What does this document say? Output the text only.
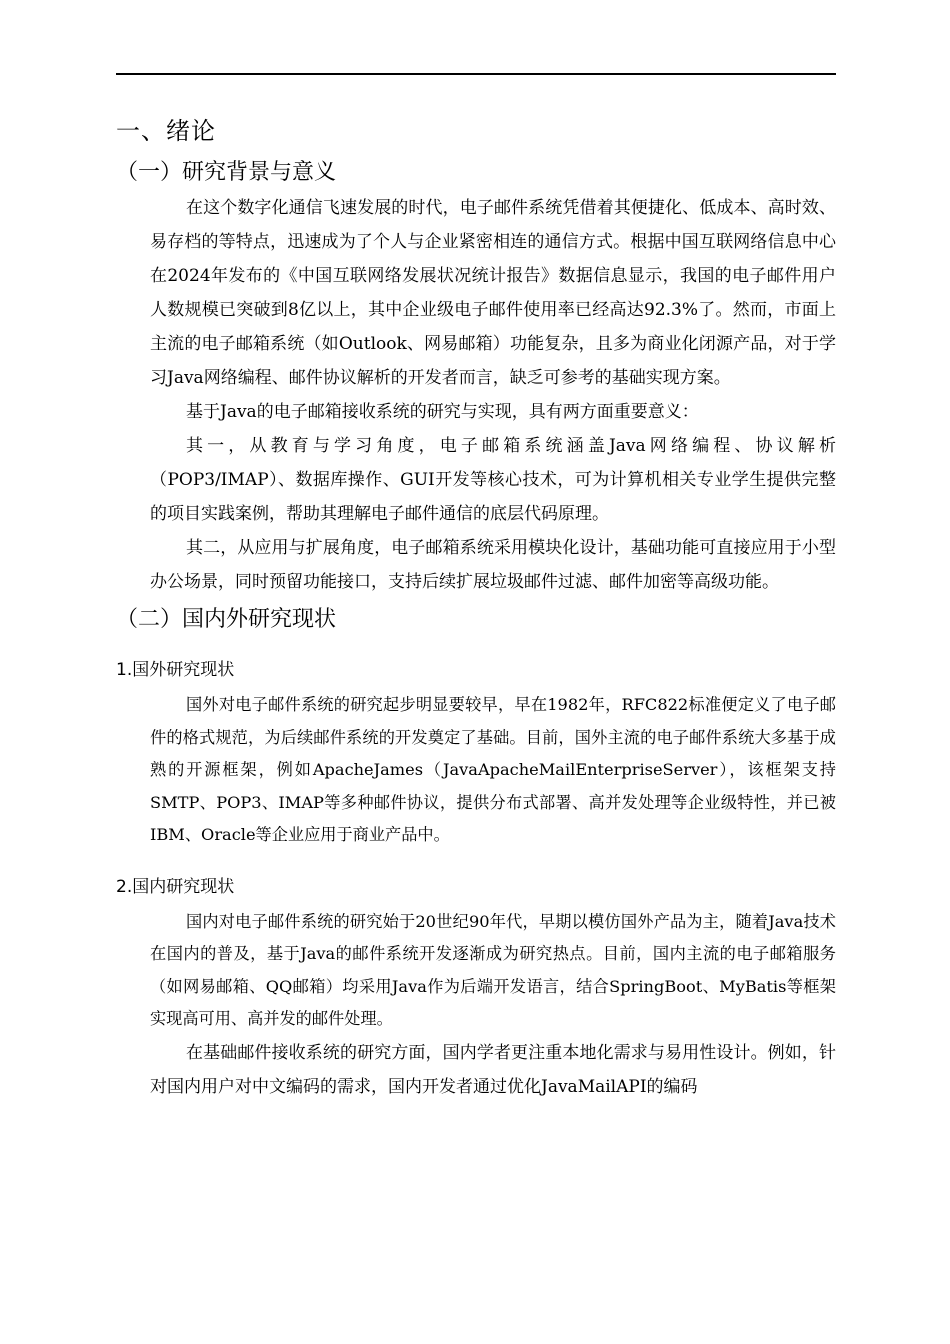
一、绪论
（一）研究背景与意义

在这个数字化通信飞速发展的时代，电子邮件系统凭借着其便捷化、低成本、高时效、易存档的等特点，迅速成为了个人与企业紧密相连的通信方式。根据中国互联网络信息中心在2024年发布的《中国互联网络发展状况统计报告》数据信息显示，我国的电子邮件用户人数规模已突破到8亿以上，其中企业级电子邮件使用率已经高达92.3%了。然而，市面上主流的电子邮箱系统（如Outlook、网易邮箱）功能复杂，且多为商业化闭源产品，对于学习Java网络编程、邮件协议解析的开发者而言，缺乏可参考的基础实现方案。

基于Java的电子邮箱接收系统的研究与实现，具有两方面重要意义：

其一，从教育与学习角度，电子邮箱系统涵盖Java网络编程、协议解析（POP3/IMAP）、数据库操作、GUI开发等核心技术，可为计算机相关专业学生提供完整的项目实践案例，帮助其理解电子邮件通信的底层代码原理。

其二，从应用与扩展角度，电子邮箱系统采用模块化设计，基础功能可直接应用于小型办公场景，同时预留功能接口，支持后续扩展垃圾邮件过滤、邮件加密等高级功能。

（二）国内外研究现状
1.国外研究现状

国外对电子邮件系统的研究起步明显要较早，早在1982年，RFC822标准便定义了电子邮件的格式规范，为后续邮件系统的开发奠定了基础。目前，国外主流的电子邮件系统大多基于成熟的开源框架，例如ApacheJames（JavaApacheMailEnterpriseServer），该框架支持SMTP、POP3、IMAP等多种邮件协议，提供分布式部署、高并发处理等企业级特性，并已被IBM、Oracle等企业应用于商业产品中。

2.国内研究现状

国内对电子邮件系统的研究始于20世纪90年代，早期以模仿国外产品为主，随着Java技术在国内的普及，基于Java的邮件系统开发逐渐成为研究热点。目前，国内主流的电子邮箱服务（如网易邮箱、QQ邮箱）均采用Java作为后端开发语言，结合SpringBoot、MyBatis等框架实现高可用、高并发的邮件处理。

在基础邮件接收系统的研究方面，国内学者更注重本地化需求与易用性设计。例如，针对国内用户对中文编码的需求，国内开发者通过优化JavaMailAPI的编码
